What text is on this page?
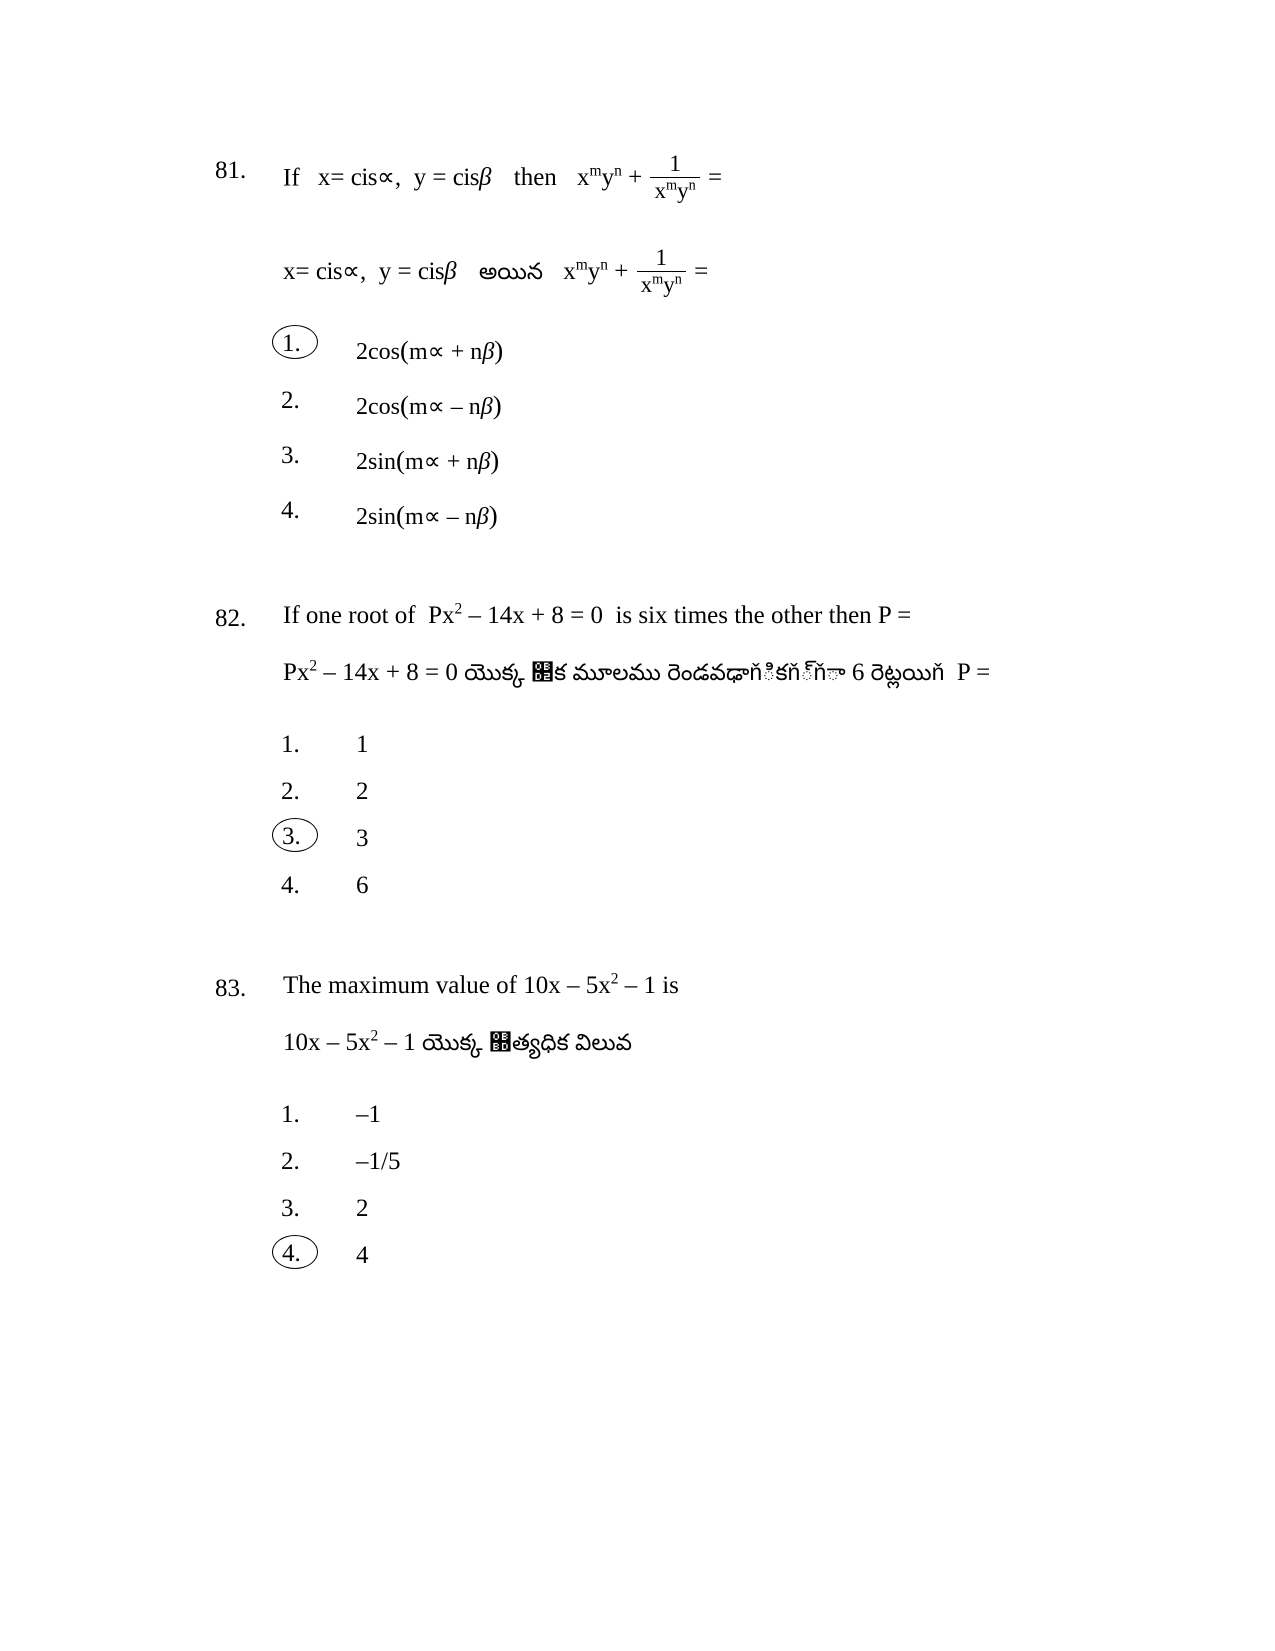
81. If x= cis∝,  y = cisβ then $x^my^n + \frac{1}{x^my^n}$ =
x= cis∝,  y = cisβ అయిన $x^my^n + \frac{1}{x^my^n}$ =
1.	2cos(m∝ + nβ)
2.	2cos(m∝ – nβ)
3.	2sin(m∝ + nβ)
4.	2sin(m∝ – nβ)
82. If one root of  Px$^2$ – 14x + 8 = 0  is six times the other then P =
$Px^2 - 14x + 8 = 0$ యొక్క ௒క మూలము రెండవఢాňికň్ňా 6 రెట్లయిň  P =
1.	1
2.	2
3.	3
4.	6
83. The maximum value of $10x - 5x^2 - 1$ is
$10x - 5x^2 - 1$ యొక్క ஽త్యధిక విలువ
1.	–1
2.	–1/5
3.	2
4.	4
